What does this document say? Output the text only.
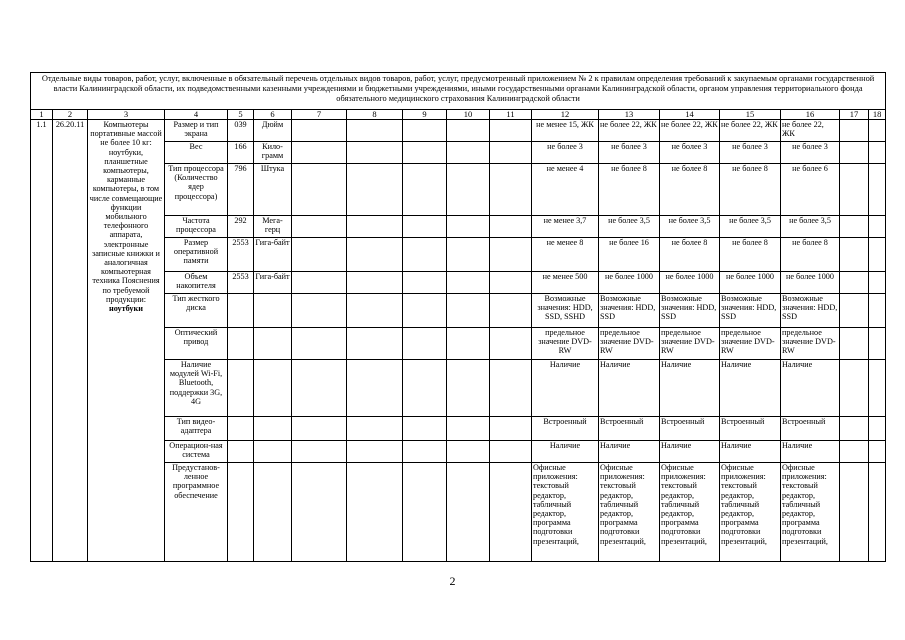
Отдельные виды товаров, работ, услуг, включенные в обязательный перечень отдельных видов товаров, работ, услуг, предусмотренный приложением № 2 к правилам определения требований к закупаемым органами государственной власти Калининградской области, их подведомственными казенными учреждениями и бюджетными учреждениями, иными государственными органами Калининградской области, органом управления территориального фонда обязательного медицинского страхования Калининградской области																	
1	2	3	4	5	6	7	8	9	10	11	12	13	14	15	16	17	18
1.1	26.20.11	Компьютеры портативные массой не более 10 кг: ноутбуки, планшетные компьютеры, карманные компьютеры, в том числе совмещающие функции мобильного телефонного аппарата, электронные записные книжки и аналогичная компьютерная техника Пояснения по требуемой продукции: ноутбуки	Размер и тип экрана	039	Дюйм						не менее 15, ЖК	не более 22, ЖК	не более 22, ЖК	не более 22, ЖК	не более 22, ЖК		
			Вес	166	Кило-грамм						не более 3	не более 3	не более 3	не более 3	не более 3		
			Тип процессора (Количество ядер процессора)	796	Штука						не менее 4	не более 8	не более 8	не более 8	не более 6		
			Частота процессора	292	Мега-герц						не менее 3,7	не более 3,5	не более 3,5	не более 3,5	не более 3,5		
			Размер оперативной памяти	2553	Гига-байт						не менее 8	не более 16	не более 8	не более 8	не более 8		
			Объем накопителя	2553	Гига-байт						не менее 500	не более 1000	не более 1000	не более 1000	не более 1000		
			Тип жесткого диска								Возможные значения: HDD, SSD, SSHD	Возможные значения: HDD, SSD	Возможные значения: HDD, SSD	Возможные значения: HDD, SSD	Возможные значения: HDD, SSD		
			Оптический привод								предельное значение DVD-RW	предельное значение DVD-RW	предельное значение DVD-RW	предельное значение DVD-RW	предельное значение DVD-RW		
			Наличие модулей Wi-Fi, Bluetooth, поддержки 3G, 4G								Наличие	Наличие	Наличие	Наличие	Наличие		
			Тип видео-адаптера								Встроенный	Встроенный	Встроенный	Встроенный	Встроенный		
			Операцион-ная система								Наличие	Наличие	Наличие	Наличие	Наличие		
			Предустанов-ленное программное обеспечение								Офисные приложения: текстовый редактор, табличный редактор, программа подготовки презентаций,	Офисные приложения: текстовый редактор, табличный редактор, программа подготовки презентаций,	Офисные приложения: текстовый редактор, табличный редактор, программа подготовки презентаций,	Офисные приложения: текстовый редактор, табличный редактор, программа подготовки презентаций,	Офисные приложения: текстовый редактор, табличный редактор, программа подготовки презентаций,		
2
